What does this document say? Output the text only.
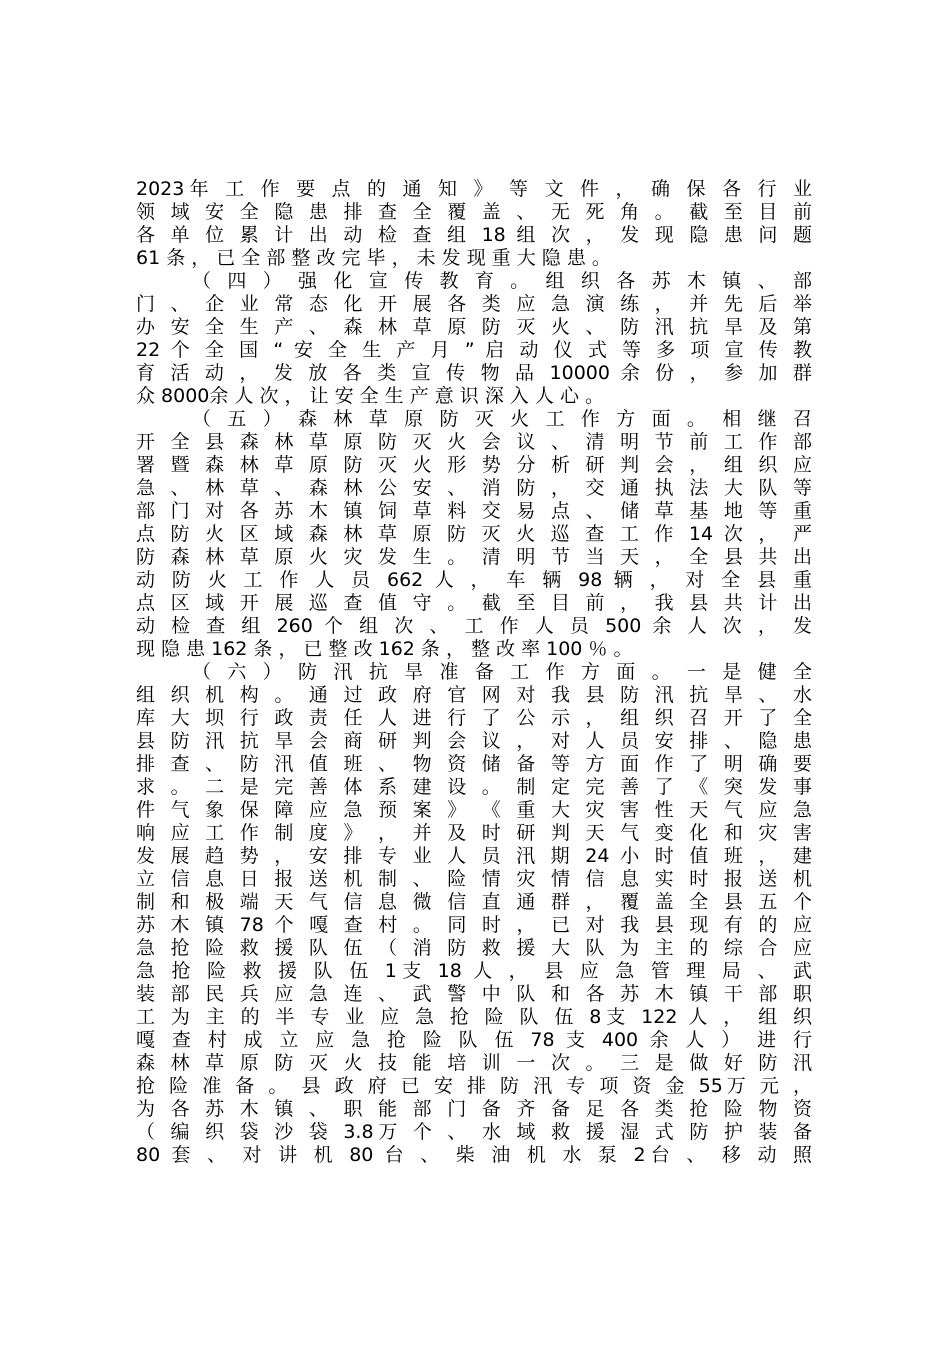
2023年 工 作 要 点 的 通 知 》 等 文 件 ， 确 保 各 行 业
领 域 安 全 隐 患 排 查 全 覆 盖 、 无 死 角 。 截 至 目 前
各 单 位 累 计 出 动 检 查 组 18 组 次 ， 发 现 隐 患 问 题
61 条 ， 已 全 部 整 改 完 毕 ， 未 发 现 重 大 隐 患 。
（ 四 ） 强 化 宣 传 教 育 。 组 织 各 苏 木 镇 、 部
门 、 企 业 常 态 化 开 展 各 类 应 急 演 练 ， 并 先 后 举
办 安 全 生 产 、 森 林 草 原 防 灭 火 、 防 汛 抗 旱 及 第
22 个 全 国 “ 安 全 生 产 月 ” 启 动 仪 式 等 多 项 宣 传 教
育 活 动 ， 发 放 各 类 宣 传 物 品 10000 余 份 ， 参 加 群
众 8000余 人 次 ， 让 安 全 生 产 意 识 深 入 人 心 。
（ 五 ） 森 林 草 原 防 灭 火 工 作 方 面 。 相 继 召
开 全 县 森 林 草 原 防 灭 火 会 议 、 清 明 节 前 工 作 部
署 暨 森 林 草 原 防 灭 火 形 势 分 析 研 判 会 ， 组 织 应
急 、 林 草 、 森 林 公 安 、 消 防 ， 交 通 执 法 大 队 等
部 门 对 各 苏 木 镇 饲 草 料 交 易 点 、 储 草 基 地 等 重
点 防 火 区 域 森 林 草 原 防 灭 火 巡 查 工 作 14 次 ， 严
防 森 林 草 原 火 灾 发 生 。 清 明 节 当 天 ， 全 县 共 出
动 防 火 工 作 人 员 662 人 ， 车 辆 98 辆 ， 对 全 县 重
点 区 域 开 展 巡 查 值 守 。 截 至 目 前 ， 我 县 共 计 出
动 检 查 组 260 个 组 次 、 工 作 人 员 500 余 人 次 ， 发
现 隐 患 162 条 ， 已 整 改 162 条 ， 整 改 率 100 ％ 。
（ 六 ） 防 汛 抗 旱 准 备 工 作 方 面 。 一 是 健 全
组 织 机 构 。 通 过 政 府 官 网 对 我 县 防 汛 抗 旱 、 水
库 大 坝 行 政 责 任 人 进 行 了 公 示 ， 组 织 召 开 了 全
县 防 汛 抗 旱 会 商 研 判 会 议 ， 对 人 员 安 排 、 隐 患
排 查 、 防 汛 值 班 、 物 资 储 备 等 方 面 作 了 明 确 要
求 。 二 是 完 善 体 系 建 设 。 制 定 完 善 了 《 突 发 事
件 气 象 保 障 应 急 预 案 》 《 重 大 灾 害 性 天 气 应 急
响 应 工 作 制 度 》 ， 并 及 时 研 判 天 气 变 化 和 灾 害
发 展 趋 势 ， 安 排 专 业 人 员 汛 期 24 小 时 值 班 ， 建
立 信 息 日 报 送 机 制 、 险 情 灾 情 信 息 实 时 报 送 机
制 和 极 端 天 气 信 息 微 信 直 通 群 ， 覆 盖 全 县 五 个
苏 木 镇 78 个 嘎 查 村 。 同 时 ， 已 对 我 县 现 有 的 应
急 抢 险 救 援 队 伍 （ 消 防 救 援 大 队 为 主 的 综 合 应
急 抢 险 救 援 队 伍 1支 18 人 ， 县 应 急 管 理 局 、 武
装 部 民 兵 应 急 连 、 武 警 中 队 和 各 苏 木 镇 干 部 职
工 为 主 的 半 专 业 应 急 抢 险 队 伍 8支 122 人 ， 组 织
嘎 查 村 成 立 应 急 抢 险 队 伍 78 支 400 余 人 ） 进 行
森 林 草 原 防 灭 火 技 能 培 训 一 次 。 三 是 做 好 防 汛
抢 险 准 备 。 县 政 府 已 安 排 防 汛 专 项 资 金 55万 元 ，
为 各 苏 木 镇 、 职 能 部 门 备 齐 备 足 各 类 抢 险 物 资
（ 编 织 袋 沙 袋 3.8万 个 、 水 域 救 援 湿 式 防 护 装 备
80 套 、 对 讲 机 80 台 、 柴 油 机 水 泵 2台 、 移 动 照
